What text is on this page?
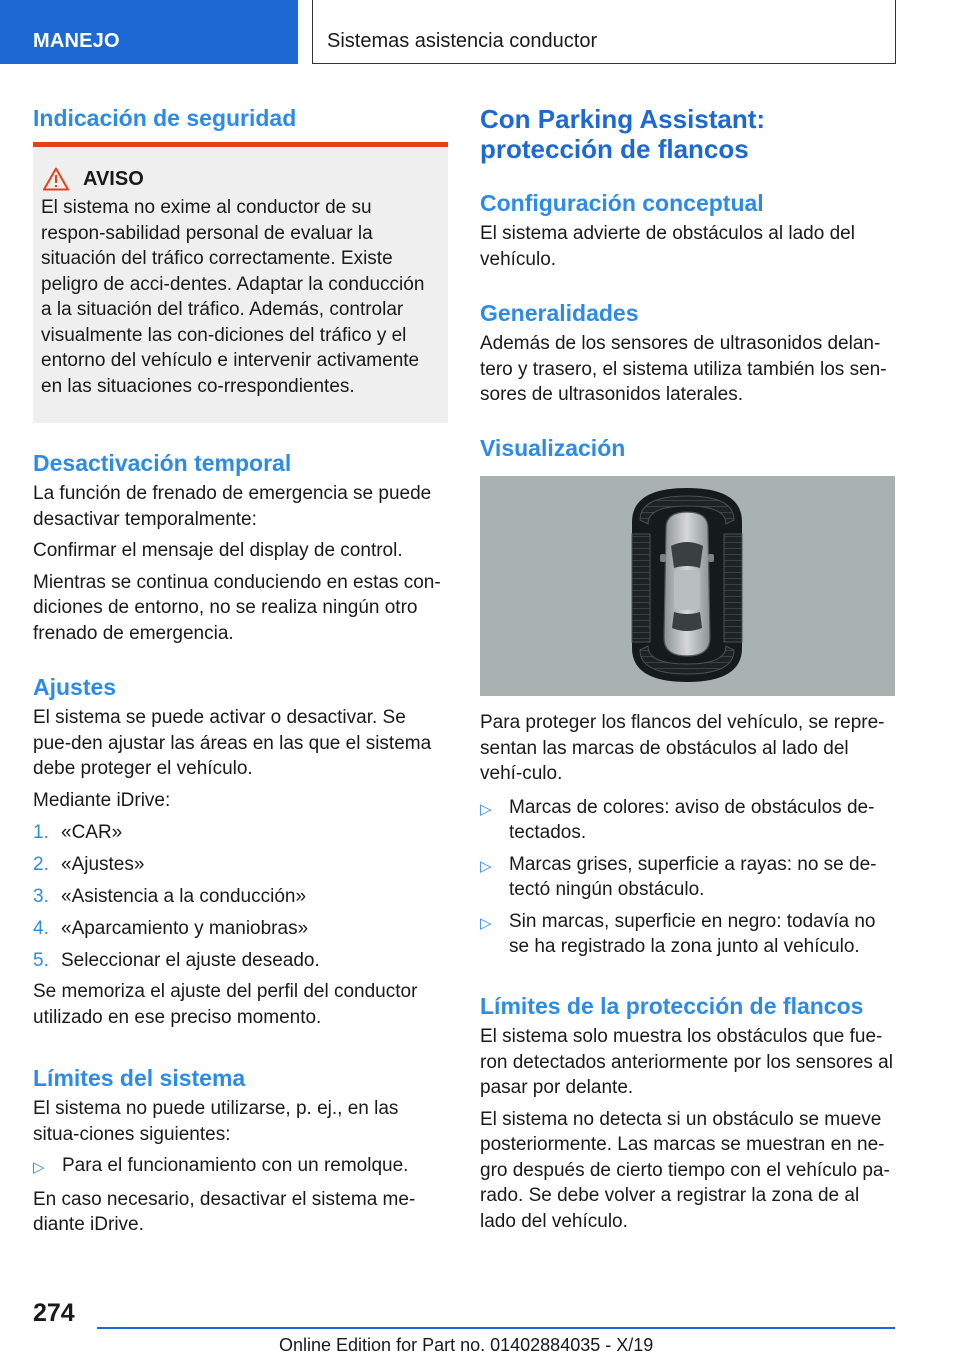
MANEJO	Sistemas asistencia conductor
Indicación de seguridad
AVISO

El sistema no exime al conductor de su respon-sabilidad personal de evaluar la situación del tráfico correctamente. Existe peligro de acci-dentes. Adaptar la conducción a la situación del tráfico. Además, controlar visualmente las con-diciones del tráfico y el entorno del vehículo e intervenir activamente en las situaciones co-rrespondientes.

Desactivación temporal

La función de frenado de emergencia se puede desactivar temporalmente:

Confirmar el mensaje del display de control.

Mientras se continua conduciendo en estas con-diciones de entorno, no se realiza ningún otro frenado de emergencia.

Ajustes

El sistema se puede activar o desactivar. Se pue-den ajustar las áreas en las que el sistema debe proteger el vehículo.

Mediante iDrive:

1. «CAR»
2. «Ajustes»
3. «Asistencia a la conducción»
4. «Aparcamiento y maniobras»
5. Seleccionar el ajuste deseado.

Se memoriza el ajuste del perfil del conductor utilizado en ese preciso momento.

Límites del sistema

El sistema no puede utilizarse, p. ej., en las situa-ciones siguientes:

▷ Para el funcionamiento con un remolque.

En caso necesario, desactivar el sistema me-diante iDrive.

Con Parking Assistant: protección de flancos
Configuración conceptual

El sistema advierte de obstáculos al lado del vehículo.

Generalidades

Además de los sensores de ultrasonidos delan-tero y trasero, el sistema utiliza también los sen-sores de ultrasonidos laterales.

Visualización

Para proteger los flancos del vehículo, se repre-sentan las marcas de obstáculos al lado del vehí-culo.

▷ Marcas de colores: aviso de obstáculos de-tectados.
▷ Marcas grises, superficie a rayas: no se de-tectó ningún obstáculo.
▷ Sin marcas, superficie en negro: todavía no se ha registrado la zona junto al vehículo.
Límites de la protección de flancos

El sistema solo muestra los obstáculos que fue-ron detectados anteriormente por los sensores al pasar por delante.

El sistema no detecta si un obstáculo se mueve posteriormente. Las marcas se muestran en ne-gro después de cierto tiempo con el vehículo pa-rado. Se debe volver a registrar la zona de al lado del vehículo.

274
Online Edition for Part no. 01402884035 - X/19
